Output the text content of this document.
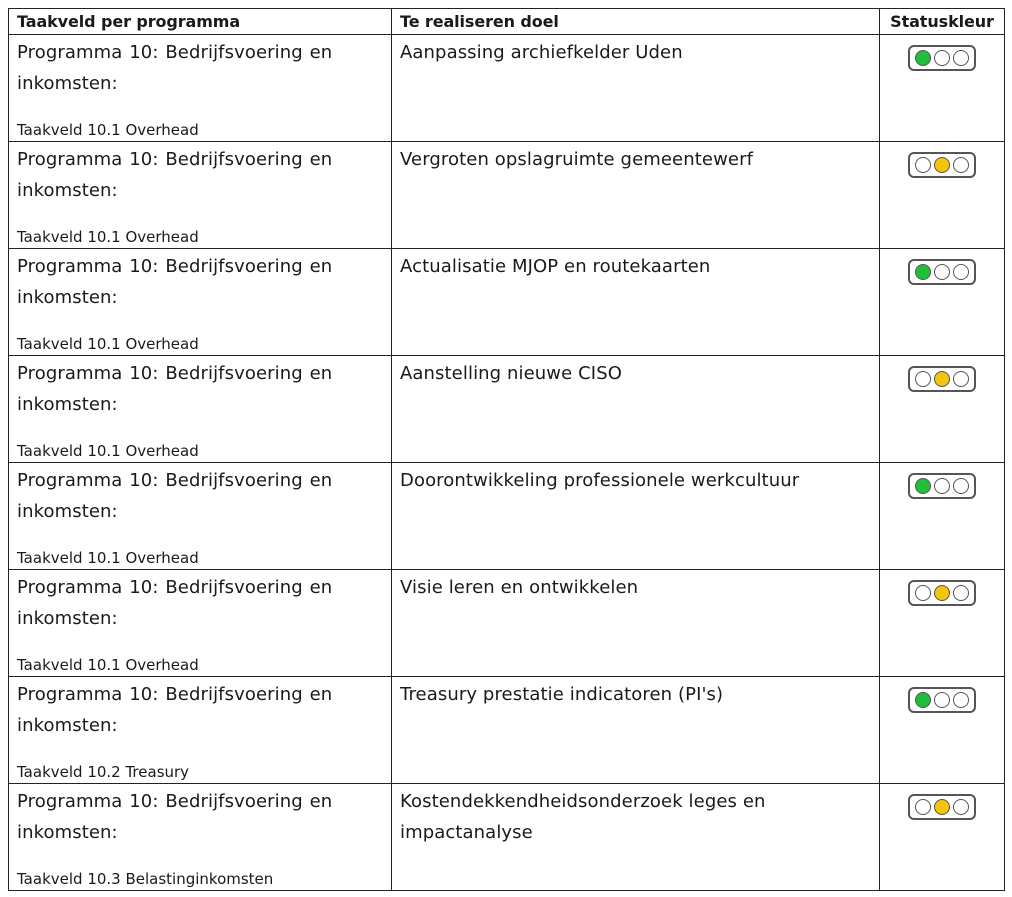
Taakveld per programma	Te realiseren doel	Statuskleur

Programma 10: Bedrijfsvoering en inkomsten:
Taakveld 10.1 Overhead	Aanpassing archiefkelder Uden	

Programma 10: Bedrijfsvoering en inkomsten:
Taakveld 10.1 Overhead	Vergroten opslagruimte gemeentewerf	

Programma 10: Bedrijfsvoering en inkomsten:
Taakveld 10.1 Overhead	Actualisatie MJOP en routekaarten	

Programma 10: Bedrijfsvoering en inkomsten:
Taakveld 10.1 Overhead	Aanstelling nieuwe CISO	

Programma 10: Bedrijfsvoering en inkomsten:
Taakveld 10.1 Overhead	Doorontwikkeling professionele werkcultuur	

Programma 10: Bedrijfsvoering en inkomsten:
Taakveld 10.1 Overhead	Visie leren en ontwikkelen	

Programma 10: Bedrijfsvoering en inkomsten:
Taakveld 10.2 Treasury	Treasury prestatie indicatoren (PI's)	

Programma 10: Bedrijfsvoering en inkomsten:
Taakveld 10.3 Belastinginkomsten	Kostendekkendheidsonderzoek leges en impactanalyse	
